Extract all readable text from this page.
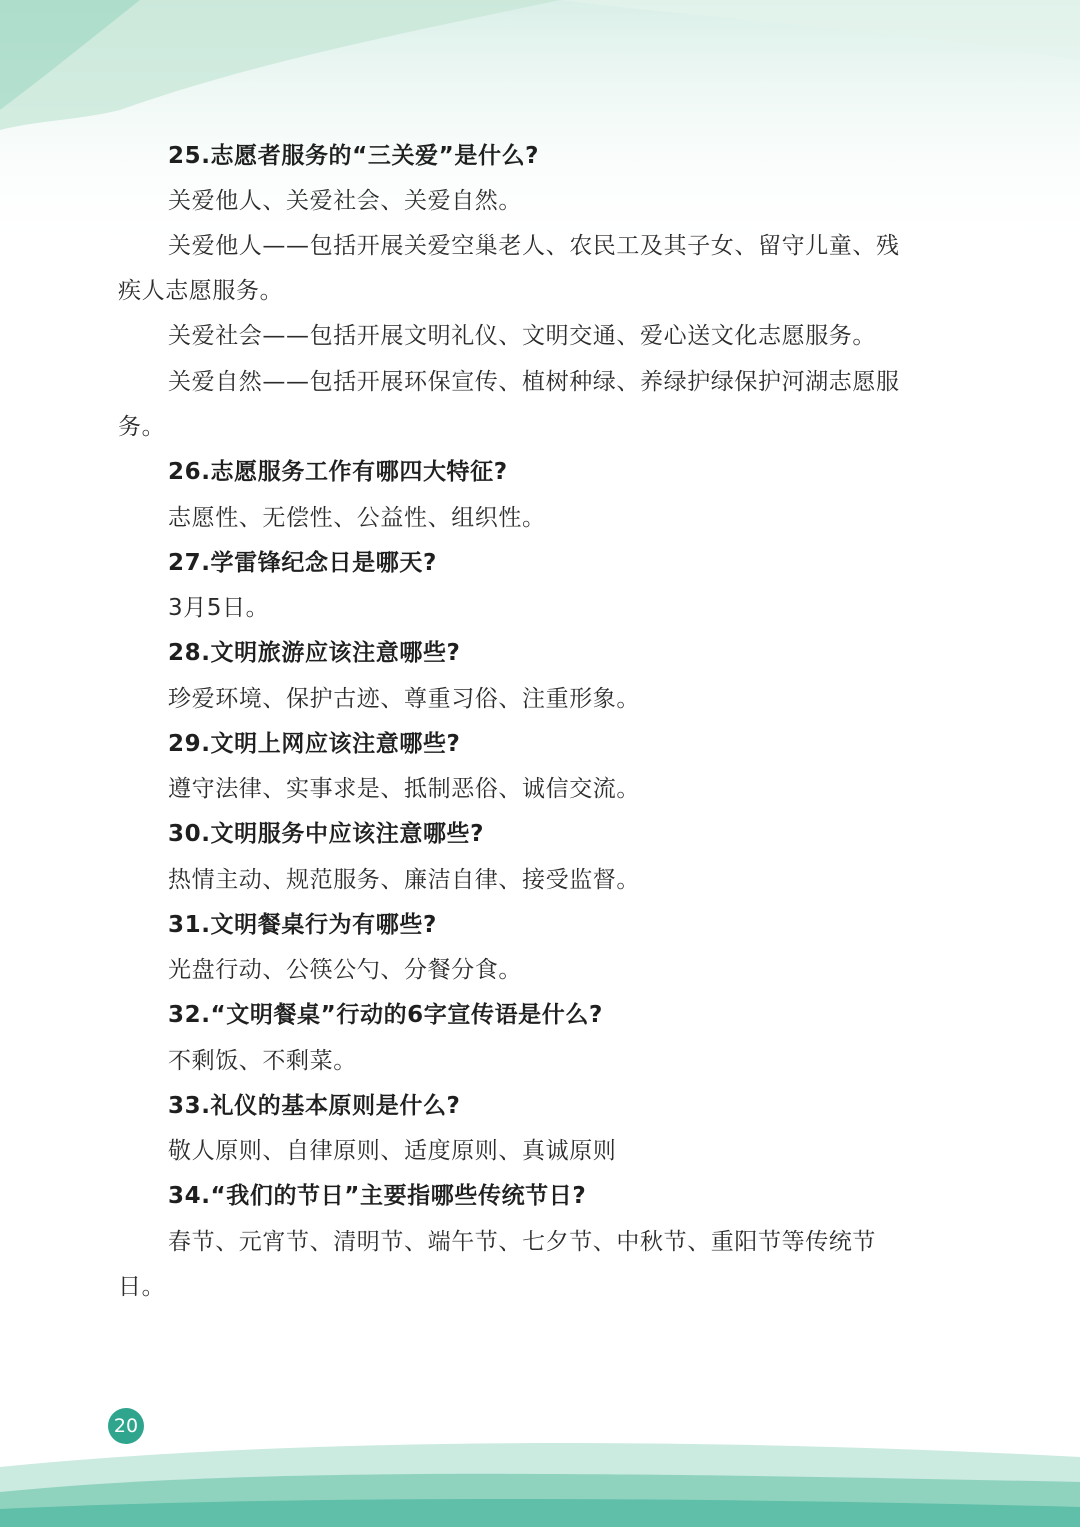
25.志愿者服务的“三关爱”是什么?
关爱他人、关爱社会、关爱自然。
关爱他人——包括开展关爱空巢老人、农民工及其子女、留守儿童、残
疾人志愿服务。
关爱社会——包括开展文明礼仪、文明交通、爱心送文化志愿服务。
关爱自然——包括开展环保宣传、植树种绿、养绿护绿保护河湖志愿服
务。
26.志愿服务工作有哪四大特征?
志愿性、无偿性、公益性、组织性。
27.学雷锋纪念日是哪天?
3月5日。
28.文明旅游应该注意哪些?
珍爱环境、保护古迹、尊重习俗、注重形象。
29.文明上网应该注意哪些?
遵守法律、实事求是、抵制恶俗、诚信交流。
30.文明服务中应该注意哪些?
热情主动、规范服务、廉洁自律、接受监督。
31.文明餐桌行为有哪些?
光盘行动、公筷公勺、分餐分食。
32.“文明餐桌”行动的6字宣传语是什么?
不剩饭、不剩菜。
33.礼仪的基本原则是什么?
敬人原则、自律原则、适度原则、真诚原则
34.“我们的节日”主要指哪些传统节日?
春节、元宵节、清明节、端午节、七夕节、中秋节、重阳节等传统节
日。
20
